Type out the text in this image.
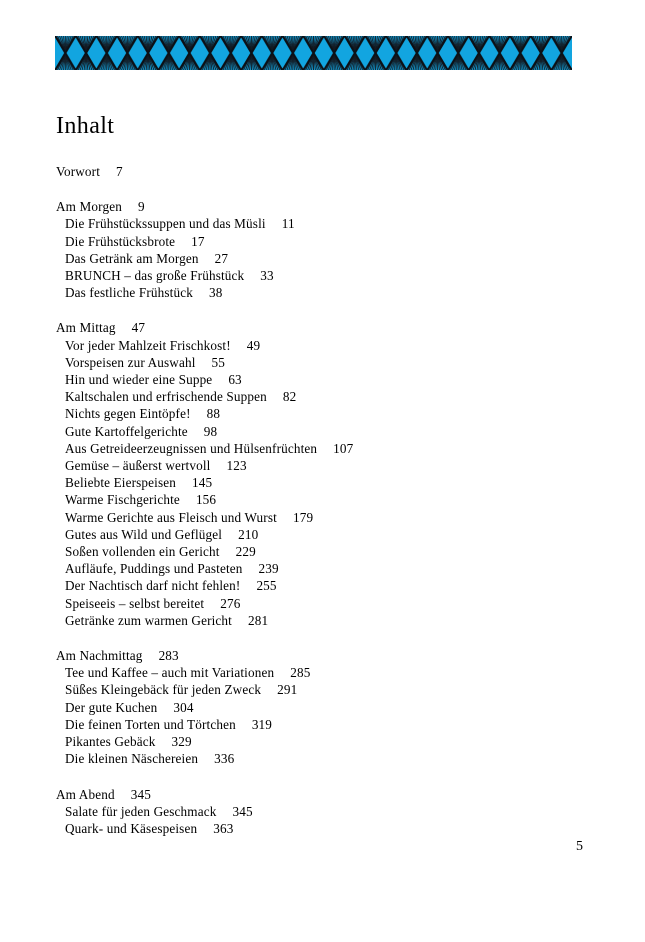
Inhalt
Vorwort 7
Am Morgen 9
Die Frühstückssuppen und das Müsli 11
Die Frühstücksbrote 17
Das Getränk am Morgen 27
BRUNCH – das große Frühstück 33
Das festliche Frühstück 38
Am Mittag 47
Vor jeder Mahlzeit Frischkost! 49
Vorspeisen zur Auswahl 55
Hin und wieder eine Suppe 63
Kaltschalen und erfrischende Suppen 82
Nichts gegen Eintöpfe! 88
Gute Kartoffelgerichte 98
Aus Getreideerzeugnissen und Hülsenfrüchten 107
Gemüse – äußerst wertvoll 123
Beliebte Eierspeisen 145
Warme Fischgerichte 156
Warme Gerichte aus Fleisch und Wurst 179
Gutes aus Wild und Geflügel 210
Soßen vollenden ein Gericht 229
Aufläufe, Puddings und Pasteten 239
Der Nachtisch darf nicht fehlen! 255
Speiseeis – selbst bereitet 276
Getränke zum warmen Gericht 281
Am Nachmittag 283
Tee und Kaffee – auch mit Variationen 285
Süßes Kleingebäck für jeden Zweck 291
Der gute Kuchen 304
Die feinen Torten und Törtchen 319
Pikantes Gebäck 329
Die kleinen Näschereien 336
Am Abend 345
Salate für jeden Geschmack 345
Quark- und Käsespeisen 363
5
